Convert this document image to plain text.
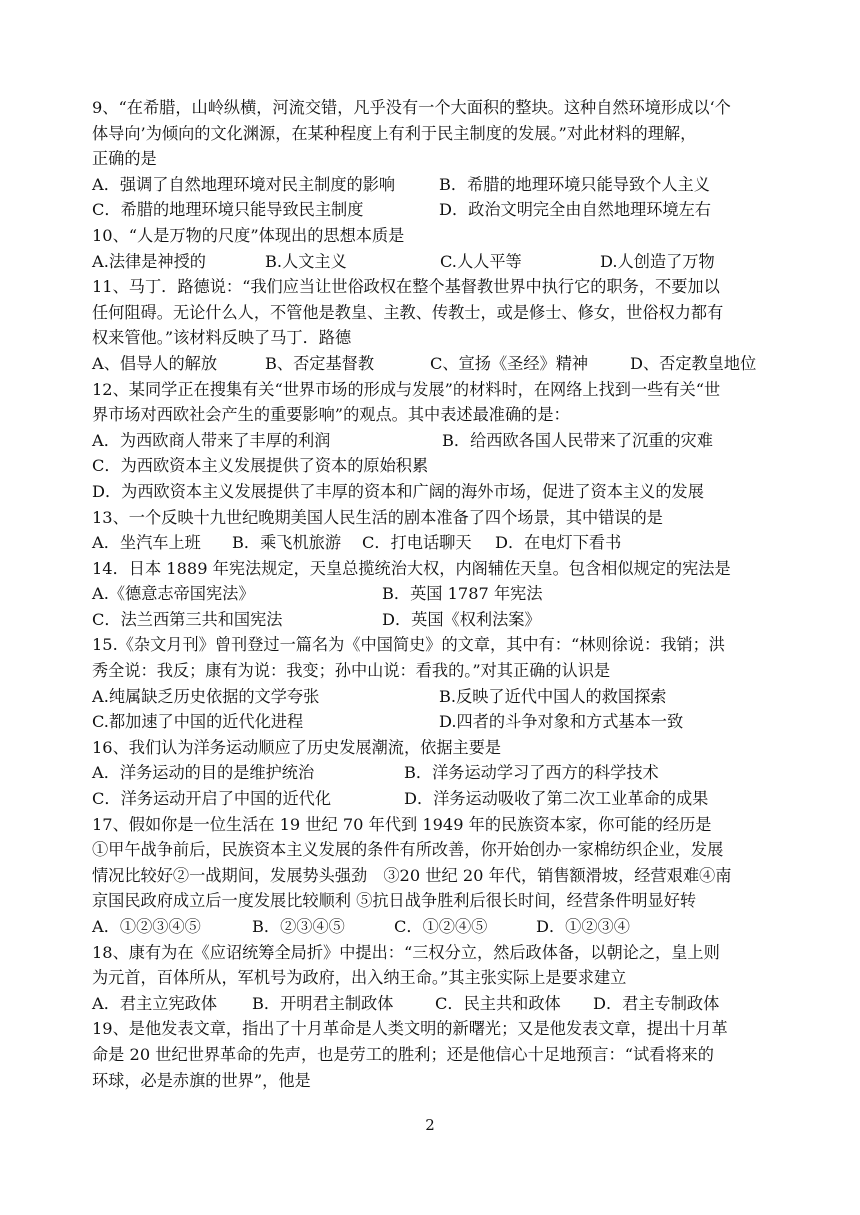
9、“在希腊，山岭纵横，河流交错，凡乎没有一个大面积的整块。这种自然环境形成以‘个
体导向’为倾向的文化渊源，在某种程度上有利于民主制度的发展。”对此材料的理解，
正确的是
A．强调了自然地理环境对民主制度的影响	B．希腊的地理环境只能导致个人主义
C．希腊的地理环境只能导致民主制度	D．政治文明完全由自然地理环境左右
10、“人是万物的尺度”体现出的思想本质是
A.法律是神授的	B.人文主义	C.人人平等	D.人创造了万物
11、马丁．路德说：“我们应当让世俗政权在整个基督教世界中执行它的职务，不要加以
任何阻碍。无论什么人，不管他是教皇、主教、传教士，或是修士、修女，世俗权力都有
权来管他。”该材料反映了马丁．路德
A、倡导人的解放	B、否定基督教	C、宣扬《圣经》精神	D、否定教皇地位
12、某同学正在搜集有关“世界市场的形成与发展”的材料时，在网络上找到一些有关“世
界市场对西欧社会产生的重要影响”的观点。其中表述最准确的是：
A．为西欧商人带来了丰厚的利润	B．给西欧各国人民带来了沉重的灾难
C．为西欧资本主义发展提供了资本的原始积累
D．为西欧资本主义发展提供了丰厚的资本和广阔的海外市场，促进了资本主义的发展
13、一个反映十九世纪晚期美国人民生活的剧本准备了四个场景，其中错误的是
A．坐汽车上班	B．乘飞机旅游	C．打电话聊天	D．在电灯下看书
14．日本 1889 年宪法规定，天皇总揽统治大权，内阁辅佐天皇。包含相似规定的宪法是
A.《德意志帝国宪法》	B．英国 1787 年宪法
C．法兰西第三共和国宪法	D．英国《权利法案》
15.《杂文月刊》曾刊登过一篇名为《中国简史》的文章，其中有：“林则徐说：我销；洪
秀全说：我反；康有为说：我变；孙中山说：看我的。”对其正确的认识是
A.纯属缺乏历史依据的文学夸张	B.反映了近代中国人的救国探索
C.都加速了中国的近代化进程	D.四者的斗争对象和方式基本一致
16、我们认为洋务运动顺应了历史发展潮流，依据主要是
A．洋务运动的目的是维护统治	B．洋务运动学习了西方的科学技术
C．洋务运动开启了中国的近代化	D．洋务运动吸收了第二次工业革命的成果
17、假如你是一位生活在 19 世纪 70 年代到 1949 年的民族资本家，你可能的经历是
①甲午战争前后，民族资本主义发展的条件有所改善，你开始创办一家棉纺织企业，发展
情况比较好②一战期间，发展势头强劲　③20 世纪 20 年代，销售额滑坡，经营艰难④南
京国民政府成立后一度发展比较顺利 ⑤抗日战争胜利后很长时间，经营条件明显好转
A．①②③④⑤	B．②③④⑤	C．①②④⑤	D．①②③④
18、康有为在《应诏统筹全局折》中提出：“三权分立，然后政体备，以朝论之，皇上则
为元首，百体所从，军机号为政府，出入纳王命。”其主张实际上是要求建立
A．君主立宪政体	B．开明君主制政体	C．民主共和政体	D．君主专制政体
19、是他发表文章，指出了十月革命是人类文明的新曙光；又是他发表文章，提出十月革
命是 20 世纪世界革命的先声，也是劳工的胜利；还是他信心十足地预言：“试看将来的
环球，必是赤旗的世界”，他是
2
